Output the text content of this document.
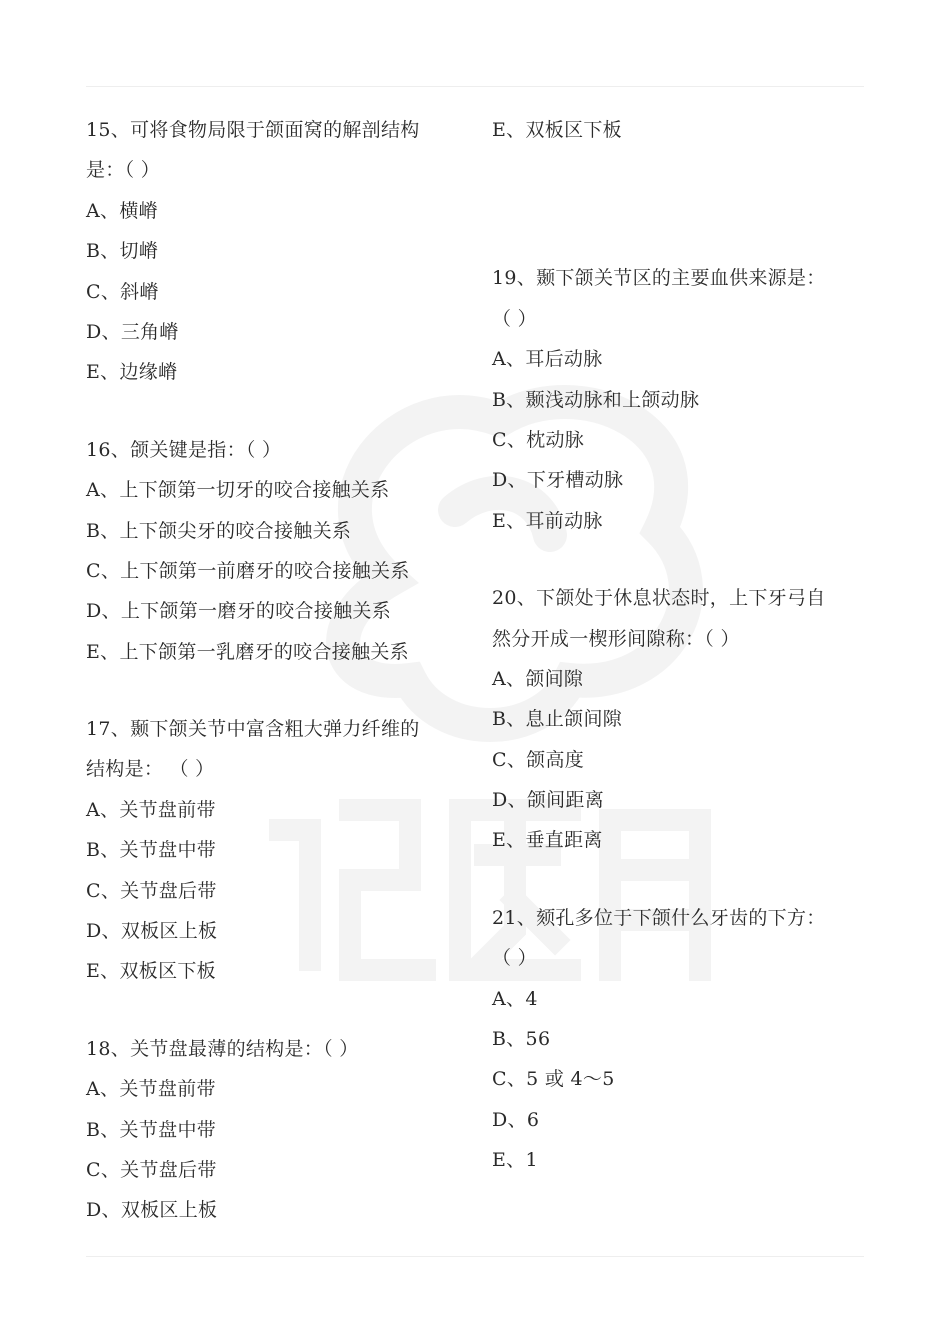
15、可将食物局限于颌面窝的解剖结构
是：（ ）
A、横嵴
B、切嵴
C、斜嵴
D、三角嵴
E、边缘嵴
16、颌关键是指：（ ）
A、上下颌第一切牙的咬合接触关系
B、上下颌尖牙的咬合接触关系
C、上下颌第一前磨牙的咬合接触关系
D、上下颌第一磨牙的咬合接触关系
E、上下颌第一乳磨牙的咬合接触关系
17、颞下颌关节中富含粗大弹力纤维的
结构是： （ ）
A、关节盘前带
B、关节盘中带
C、关节盘后带
D、双板区上板
E、双板区下板
18、关节盘最薄的结构是：（ ）
A、关节盘前带
B、关节盘中带
C、关节盘后带
D、双板区上板
E、双板区下板
19、颞下颌关节区的主要血供来源是：
（ ）
A、耳后动脉
B、颞浅动脉和上颌动脉
C、枕动脉
D、下牙槽动脉
E、耳前动脉
20、下颌处于休息状态时，上下牙弓自
然分开成一楔形间隙称：（ ）
A、颌间隙
B、息止颌间隙
C、颌高度
D、颌间距离
E、垂直距离
21、颏孔多位于下颌什么牙齿的下方：
（ ）
A、4
B、56
C、5 或 4～5
D、6
E、1
